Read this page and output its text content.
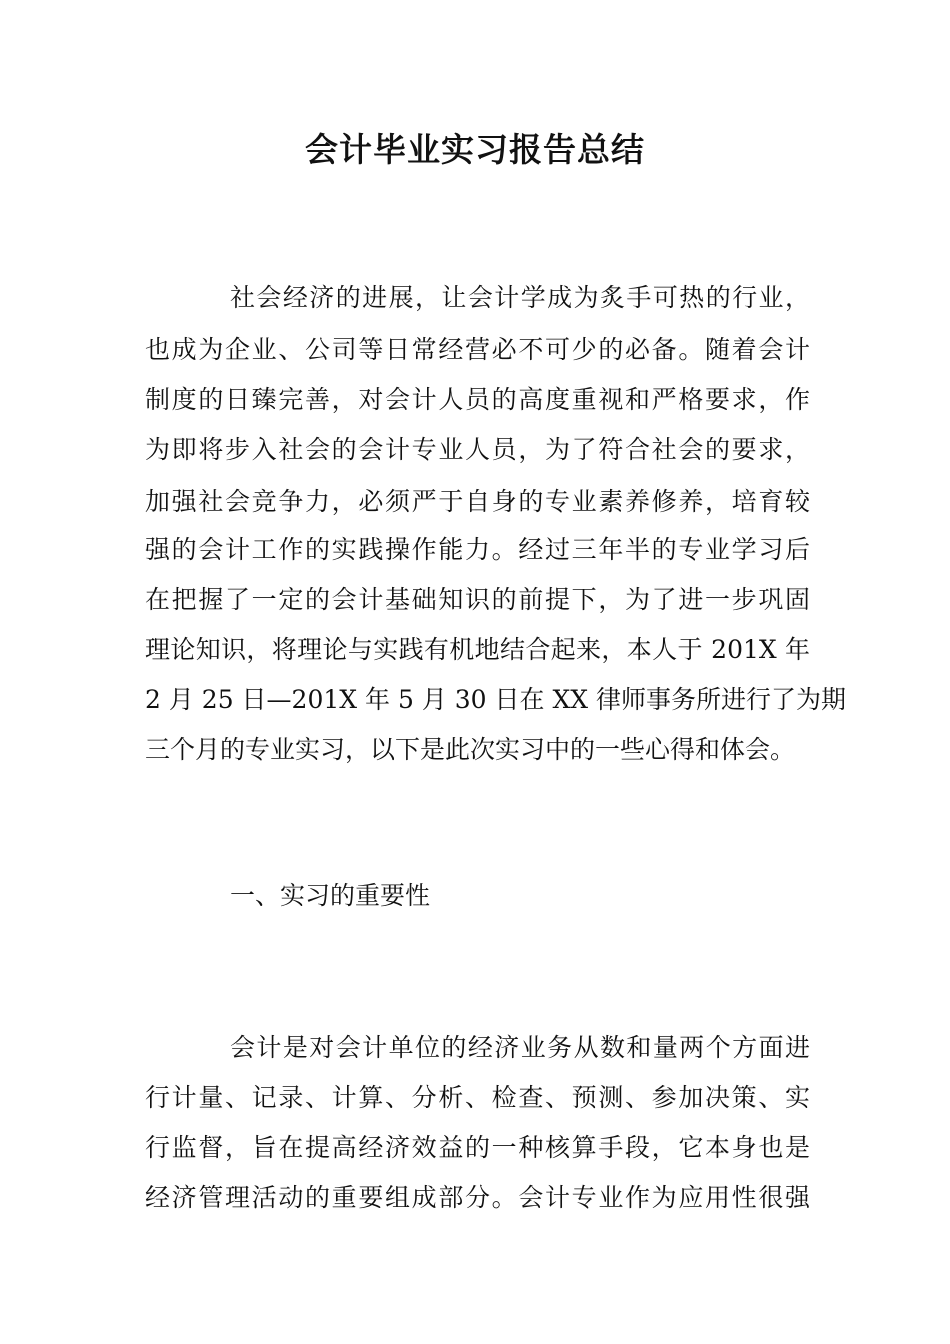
会计毕业实习报告总结

社会经济的进展，让会计学成为炙手可热的行业，

也成为企业、公司等日常经营必不可少的必备。随着会计

制度的日臻完善，对会计人员的高度重视和严格要求，作

为即将步入社会的会计专业人员，为了符合社会的要求，

加强社会竞争力，必须严于自身的专业素养修养，培育较

强的会计工作的实践操作能力。经过三年半的专业学习后

在把握了一定的会计基础知识的前提下，为了进一步巩固

理论知识，将理论与实践有机地结合起来，本人于 201X 年

2 月 25 日—201X 年 5 月 30 日在 XX 律师事务所进行了为期

三个月的专业实习，以下是此次实习中的一些心得和体会。

一、实习的重要性

会计是对会计单位的经济业务从数和量两个方面进

行计量、记录、计算、分析、检查、预测、参加决策、实

行监督，旨在提高经济效益的一种核算手段，它本身也是

经济管理活动的重要组成部分。会计专业作为应用性很强
